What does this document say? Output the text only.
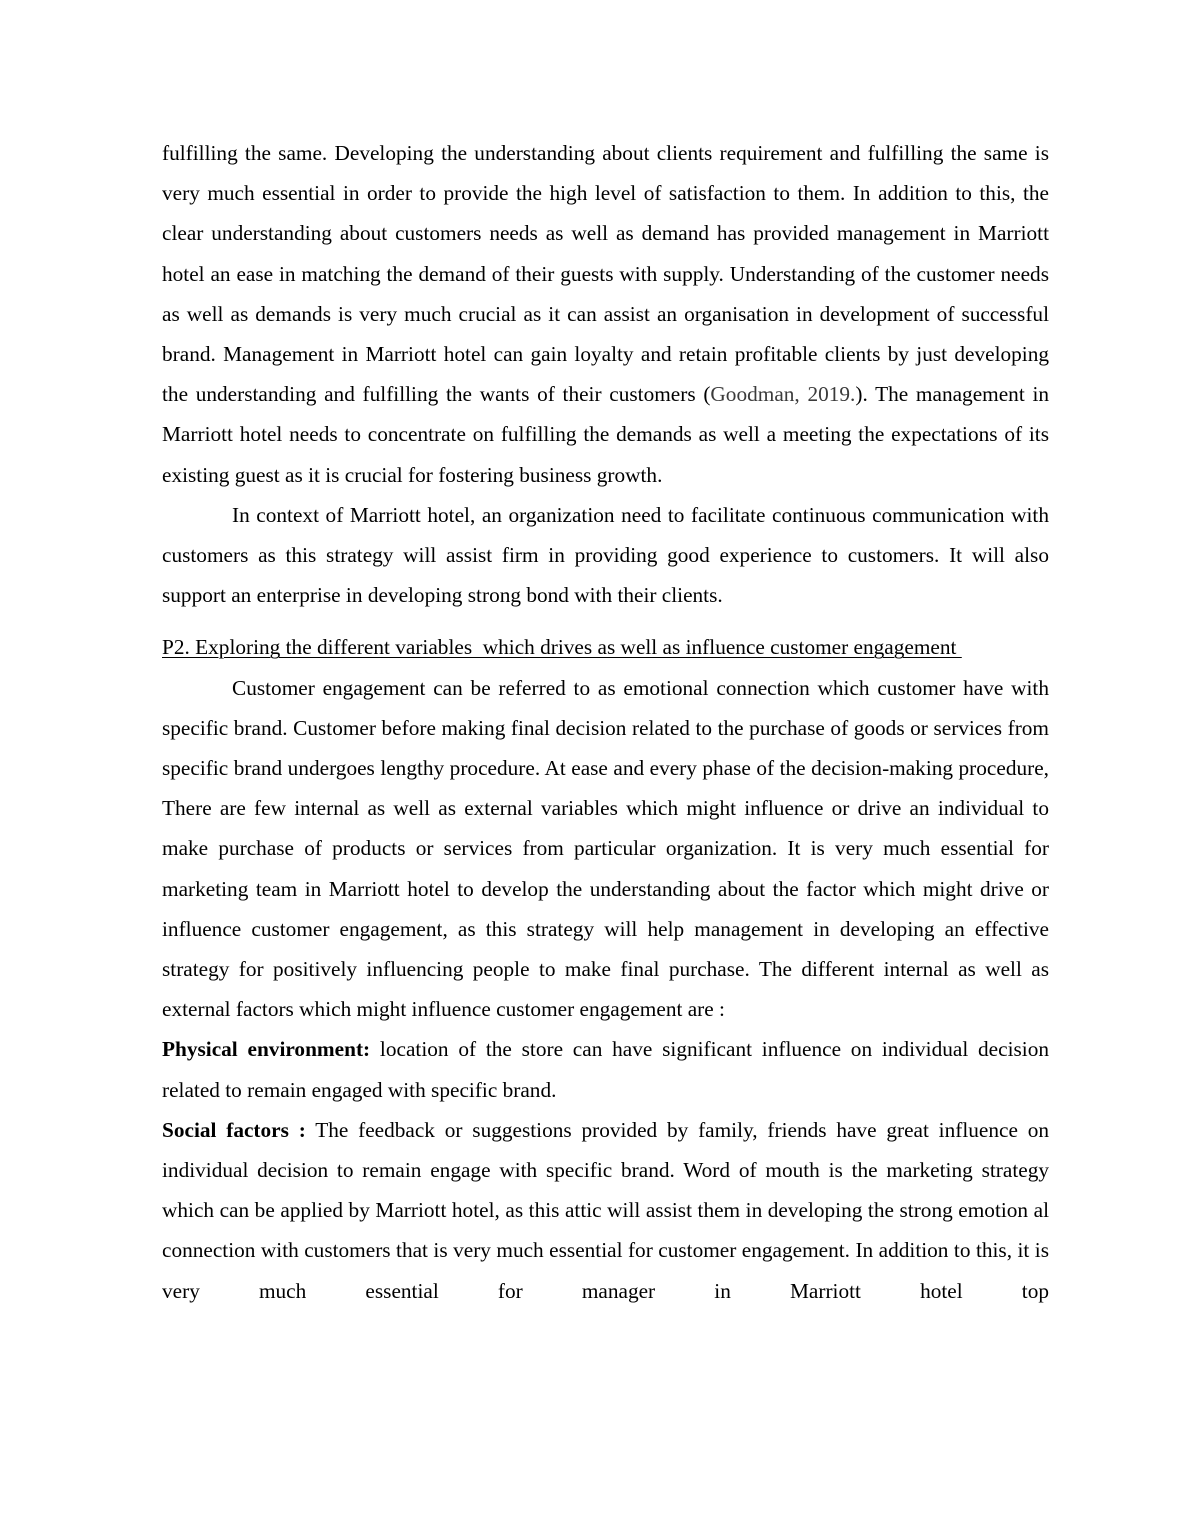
fulfilling the same. Developing the understanding about clients requirement and fulfilling the same is very much essential in order to provide the high level of satisfaction to them. In addition to this, the clear understanding about customers needs as well as demand has provided management in Marriott hotel an ease in matching the demand of their guests with supply. Understanding of the customer needs as well as demands is very much crucial as it can assist an organisation in development of successful brand. Management in Marriott hotel can gain loyalty and retain profitable clients by just developing the understanding and fulfilling the wants of their customers (Goodman, 2019.). The management in Marriott hotel needs to concentrate on fulfilling the demands as well a meeting the expectations of its existing guest as it is crucial for fostering business growth.

In context of Marriott hotel, an organization need to facilitate continuous communication with customers as this strategy will assist firm in providing good experience to customers. It will also support an enterprise in developing strong bond with their clients.

P2. Exploring the different variables  which drives as well as influence customer engagement

Customer engagement can be referred to as emotional connection which customer have with specific brand. Customer before making final decision related to the purchase of goods or services from specific brand undergoes lengthy procedure. At ease and every phase of the decision-making procedure, There are few internal as well as external variables which might influence or drive an individual to make purchase of products or services from particular organization. It is very much essential for marketing team in Marriott hotel to develop the understanding about the factor which might drive or influence customer engagement, as this strategy will help management in developing an effective strategy for positively influencing people to make final purchase. The different internal as well as external factors which might influence customer engagement are :

Physical environment: location of the store can have significant influence on individual decision related to remain engaged with specific brand.

Social factors : The feedback or suggestions provided by family, friends have great influence on individual decision to remain engage with specific brand. Word of mouth is the marketing strategy which can be applied by Marriott hotel, as this attic will assist them in developing the strong emotion al connection with customers that is very much essential for customer engagement. In addition to this, it is very much essential for manager in Marriott hotel top
